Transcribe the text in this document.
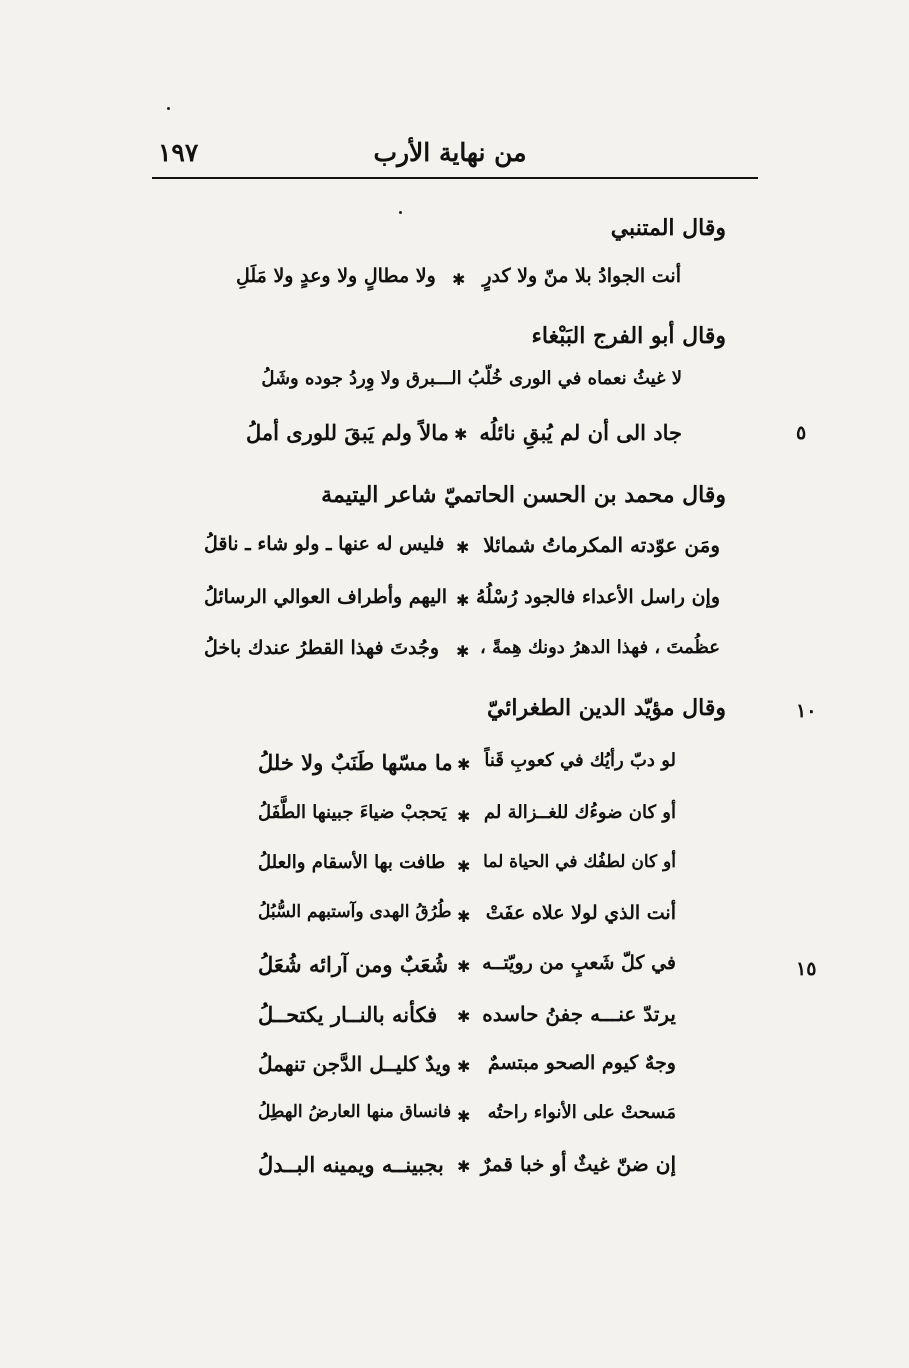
من نهاية الأرب
١٩٧
وقال المتنبي
أنت الجوادُ بلا منّ ولا كدرٍ
✱
ولا مطالٍ ولا وعدٍ ولا مَلَلِ
وقال أبو الفرج البَبْغاء
لا غيثُ نعماه في الورى خُلّبُ الـــبرق ولا وِردُ جوده وشَلُ
جاد الى أن لم يُبقِ نائلُه
✱
مالاً ولم يَبقَ للورى أملُ	٥
وقال محمد بن الحسن الحاتميّ شاعر اليتيمة
ومَن عوّدته المكرماتُ شمائلا
✱
فليس له عنها ـ ولو شاء ـ ناقلُ
وإن راسل الأعداء فالجود رُسْلُهُ
✱
اليهم وأطراف العوالي الرسائلُ
عظُمتَ ، فهذا الدهرُ دونك هِمةً ،
✱
وجُدتَ فهذا القطرُ عندك باخلُ
وقال مؤيّد الدين الطغرائيّ	١٠
لو دبّ رأيُك في كعوبِ قَناً
✱
ما مسّها طَنَبٌ ولا خللُ
أو كان ضوءُك للغــزالة لم
✱
يَحجبْ ضياءَ جبينها الطَّفَلُ
أو كان لطفُك في الحياة لما
✱
طافت بها الأسقام والعللُ
أنت الذي لولا علاه عفَتْ
✱
طُرُقُ الهدى وآستبهم السُّبُلُ
في كلّ شَعبٍ من رويّتــه
✱
شُعَبٌ ومن آرائه شُعَلُ	١٥
يرتدّ عنـــه جفنُ حاسده
✱
فكأنه بالنــار يكتحــلُ
وجهٌ كيوم الصحو مبتسمٌ
✱
ويدٌ كليــل الدَّجن تنهملُ
مَسحتْ على الأنواء راحتُه
✱
فانساق منها العارضُ الهطِلُ
إن ضنّ غيثٌ أو خبا قمرٌ
✱
بجبينــه ويمينه البــدلُ
